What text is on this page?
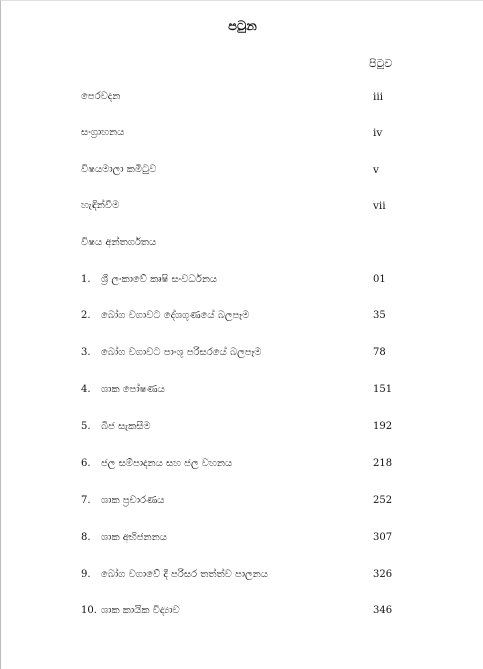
පටුන
පිටුව
පෙරවදන	iii
සංග්‍රාහනය	iv
විෂයමාලා කමිටුව	v
හැඳින්වීම	vii
විෂය අන්තර්ගතය
1. ශ්‍රී ලංකාවේ කෘෂි සංවර්ධනය	01
2. බෝග වගාවට දේශගුණයේ බලපෑම	35
3. බෝග වගාවට පාංශු පරිසරයේ බලපෑම	78
4. ශාක පෝෂණය	151
5. බීජ සැකසීම	192
6. ජල සම්පාදනය සහ ජල වහනය	218
7. ශාක ප්‍රචාරණය	252
8. ශාක අභිජනනය	307
9. බෝග වගාවේ දී පරිසර තත්ත්ව පාලනය	326
10. ශාක කායික විද්‍යාව	346
